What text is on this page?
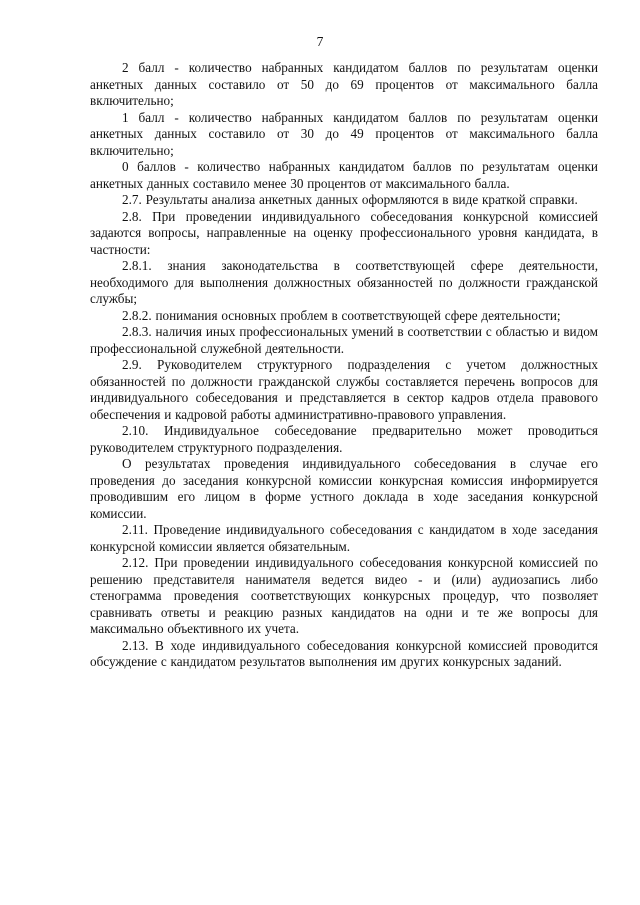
7

2 балл - количество набранных кандидатом баллов по результатам оценки анкетных данных составило от 50 до 69 процентов от максимального балла включительно;

1 балл - количество набранных кандидатом баллов по результатам оценки анкетных данных составило от 30 до 49 процентов от максимального балла включительно;

0 баллов - количество набранных кандидатом баллов по результатам оценки анкетных данных составило менее 30 процентов от максимального балла.

2.7. Результаты анализа анкетных данных оформляются в виде краткой справки.

2.8. При проведении индивидуального собеседования конкурсной комиссией задаются вопросы, направленные на оценку профессионального уровня кандидата, в частности:

2.8.1. знания законодательства в соответствующей сфере деятельности, необходимого для выполнения должностных обязанностей по должности гражданской службы;

2.8.2. понимания основных проблем в соответствующей сфере деятельности;

2.8.3. наличия иных профессиональных умений в соответствии с областью и видом профессиональной служебной деятельности.

2.9. Руководителем структурного подразделения с учетом должностных обязанностей по должности гражданской службы составляется перечень вопросов для индивидуального собеседования и представляется в сектор кадров отдела правового обеспечения и кадровой работы административно-правового управления.

2.10. Индивидуальное собеседование предварительно может проводиться руководителем структурного подразделения.

О результатах проведения индивидуального собеседования в случае его проведения до заседания конкурсной комиссии конкурсная комиссия информируется проводившим его лицом в форме устного доклада в ходе заседания конкурсной комиссии.

2.11. Проведение индивидуального собеседования с кандидатом в ходе заседания конкурсной комиссии является обязательным.

2.12. При проведении индивидуального собеседования конкурсной комиссией по решению представителя нанимателя ведется видео - и (или) аудиозапись либо стенограмма проведения соответствующих конкурсных процедур, что позволяет сравнивать ответы и реакцию разных кандидатов на одни и те же вопросы для максимально объективного их учета.

2.13. В ходе индивидуального собеседования конкурсной комиссией проводится обсуждение с кандидатом результатов выполнения им других конкурсных заданий.
